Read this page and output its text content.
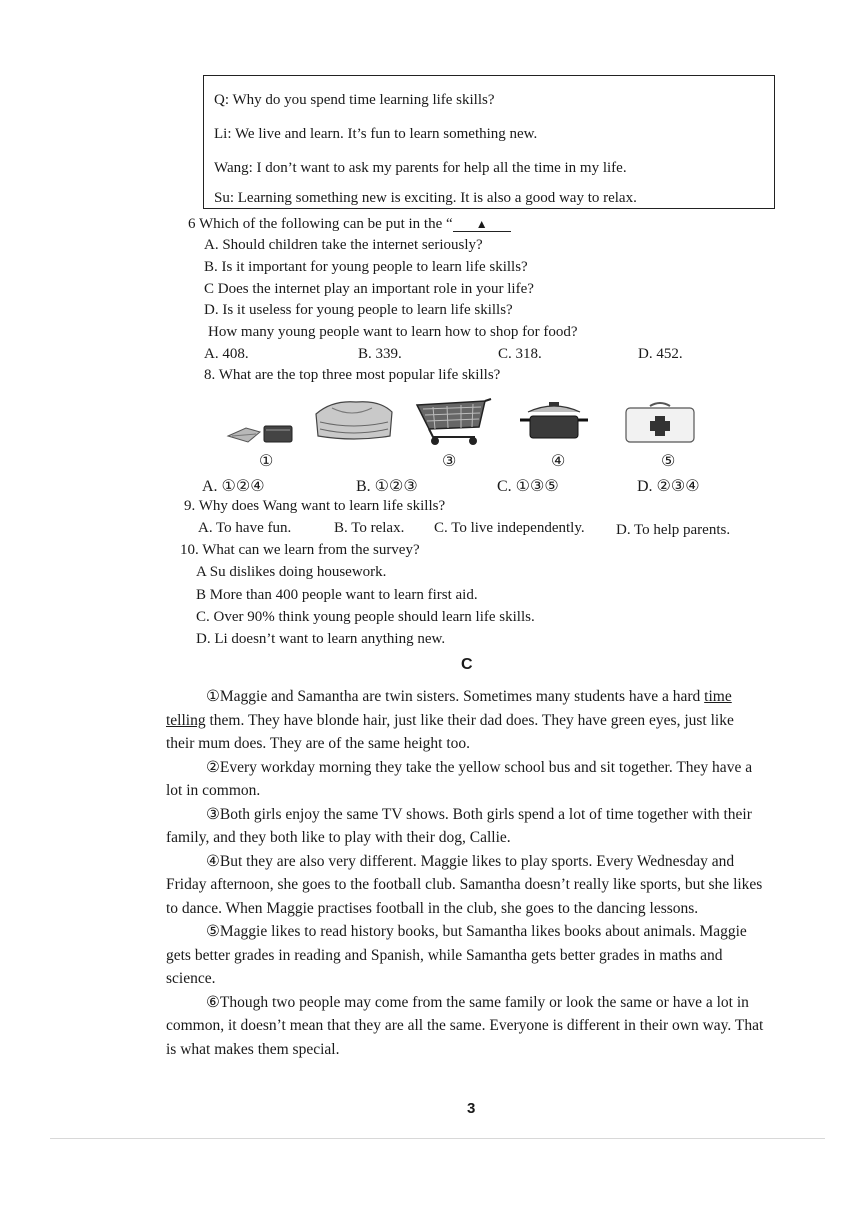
Q: Why do you spend time learning life skills?
Li: We live and learn. It’s fun to learn something new.
Wang: I don’t want to ask my parents for help all the time in my life.
Su: Learning something new is exciting. It is also a good way to relax.
6 Which of the following can be put in the “ ▲
A. Should children take the internet seriously?
B. Is it important for young people to learn life skills?
C Does the internet play an important role in your life?
D. Is it useless for young people to learn life skills?
How many young people want to learn how to shop for food?
A. 408.	B. 339.	C. 318.	D. 452.
8. What are the top three most popular life skills?
①	③	④	⑤
A. ①②④	B. ①②③	C. ①③⑤	D. ②③④
9. Why does Wang want to learn life skills?
A. To have fun.	B. To relax. C. To live independently. D. To help parents.
10. What can we learn from the survey?
A Su dislikes doing housework.
B More than 400 people want to learn first aid.
C. Over 90% think young people should learn life skills.
D. Li doesn’t want to learn anything new.
C

①Maggie and Samantha are twin sisters. Sometimes many students have a hard time telling them. They have blonde hair, just like their dad does. They have green eyes, just like their mum does. They are of the same height too.

②Every workday morning they take the yellow school bus and sit together. They have a lot in common.

③Both girls enjoy the same TV shows. Both girls spend a lot of time together with their family, and they both like to play with their dog, Callie.

④But they are also very different. Maggie likes to play sports. Every Wednesday and Friday afternoon, she goes to the football club. Samantha doesn’t really like sports, but she likes to dance. When Maggie practises football in the club, she goes to the dancing lessons.

⑤Maggie likes to read history books, but Samantha likes books about animals. Maggie gets better grades in reading and Spanish, while Samantha gets better grades in maths and science.

⑥Though two people may come from the same family or look the same or have a lot in common, it doesn’t mean that they are all the same. Everyone is different in their own way. That is what makes them special.

3
